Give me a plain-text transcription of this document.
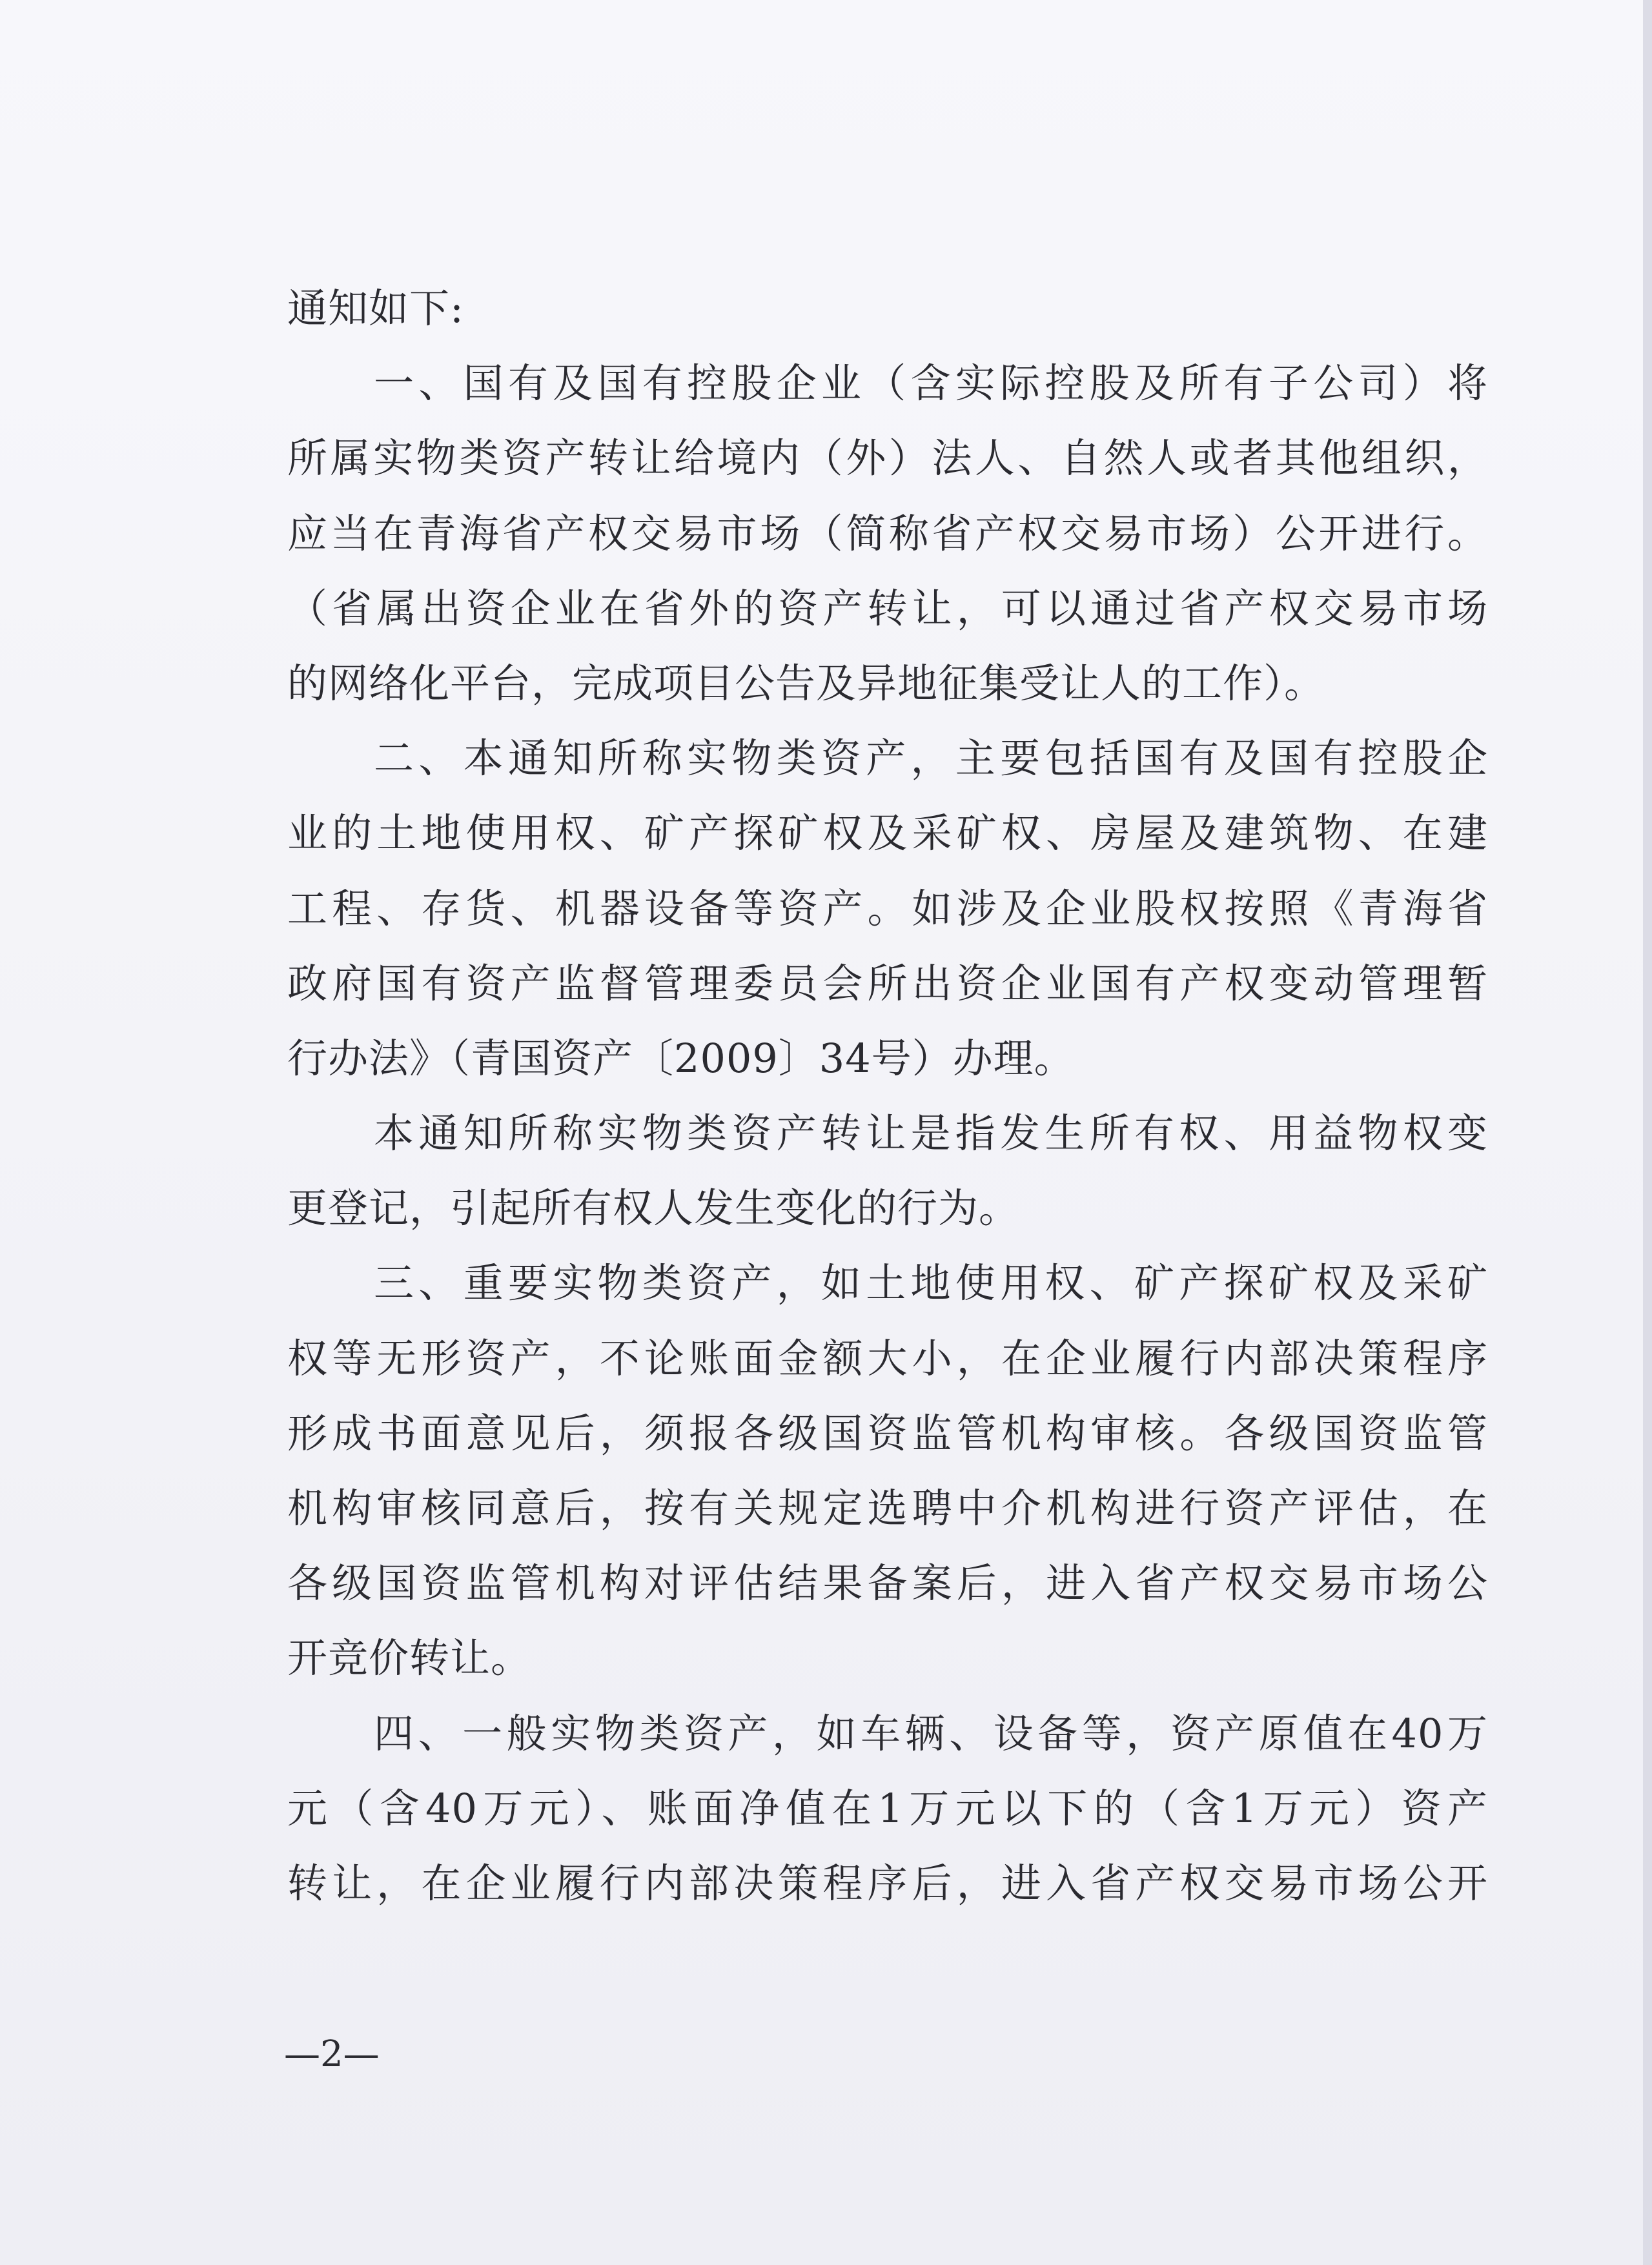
通知如下:
一、国有及国有控股企业（含实际控股及所有子公司）将
所属实物类资产转让给境内（外）法人、自然人或者其他组织，
应当在青海省产权交易市场（简称省产权交易市场）公开进行。
（省属出资企业在省外的资产转让，可以通过省产权交易市场
的网络化平台，完成项目公告及异地征集受让人的工作）。
二、本通知所称实物类资产，主要包括国有及国有控股企
业的土地使用权、矿产探矿权及采矿权、房屋及建筑物、在建
工程、存货、机器设备等资产。如涉及企业股权按照《青海省
政府国有资产监督管理委员会所出资企业国有产权变动管理暂
行办法》（青国资产〔2009〕34号）办理。
本通知所称实物类资产转让是指发生所有权、用益物权变
更登记，引起所有权人发生变化的行为。
三、重要实物类资产，如土地使用权、矿产探矿权及采矿
权等无形资产，不论账面金额大小，在企业履行内部决策程序
形成书面意见后，须报各级国资监管机构审核。各级国资监管
机构审核同意后，按有关规定选聘中介机构进行资产评估，在
各级国资监管机构对评估结果备案后，进入省产权交易市场公
开竞价转让。
四、一般实物类资产，如车辆、设备等，资产原值在40万
元（含40万元）、账面净值在1万元以下的（含1万元）资产
转让，在企业履行内部决策程序后，进入省产权交易市场公开
—2—
